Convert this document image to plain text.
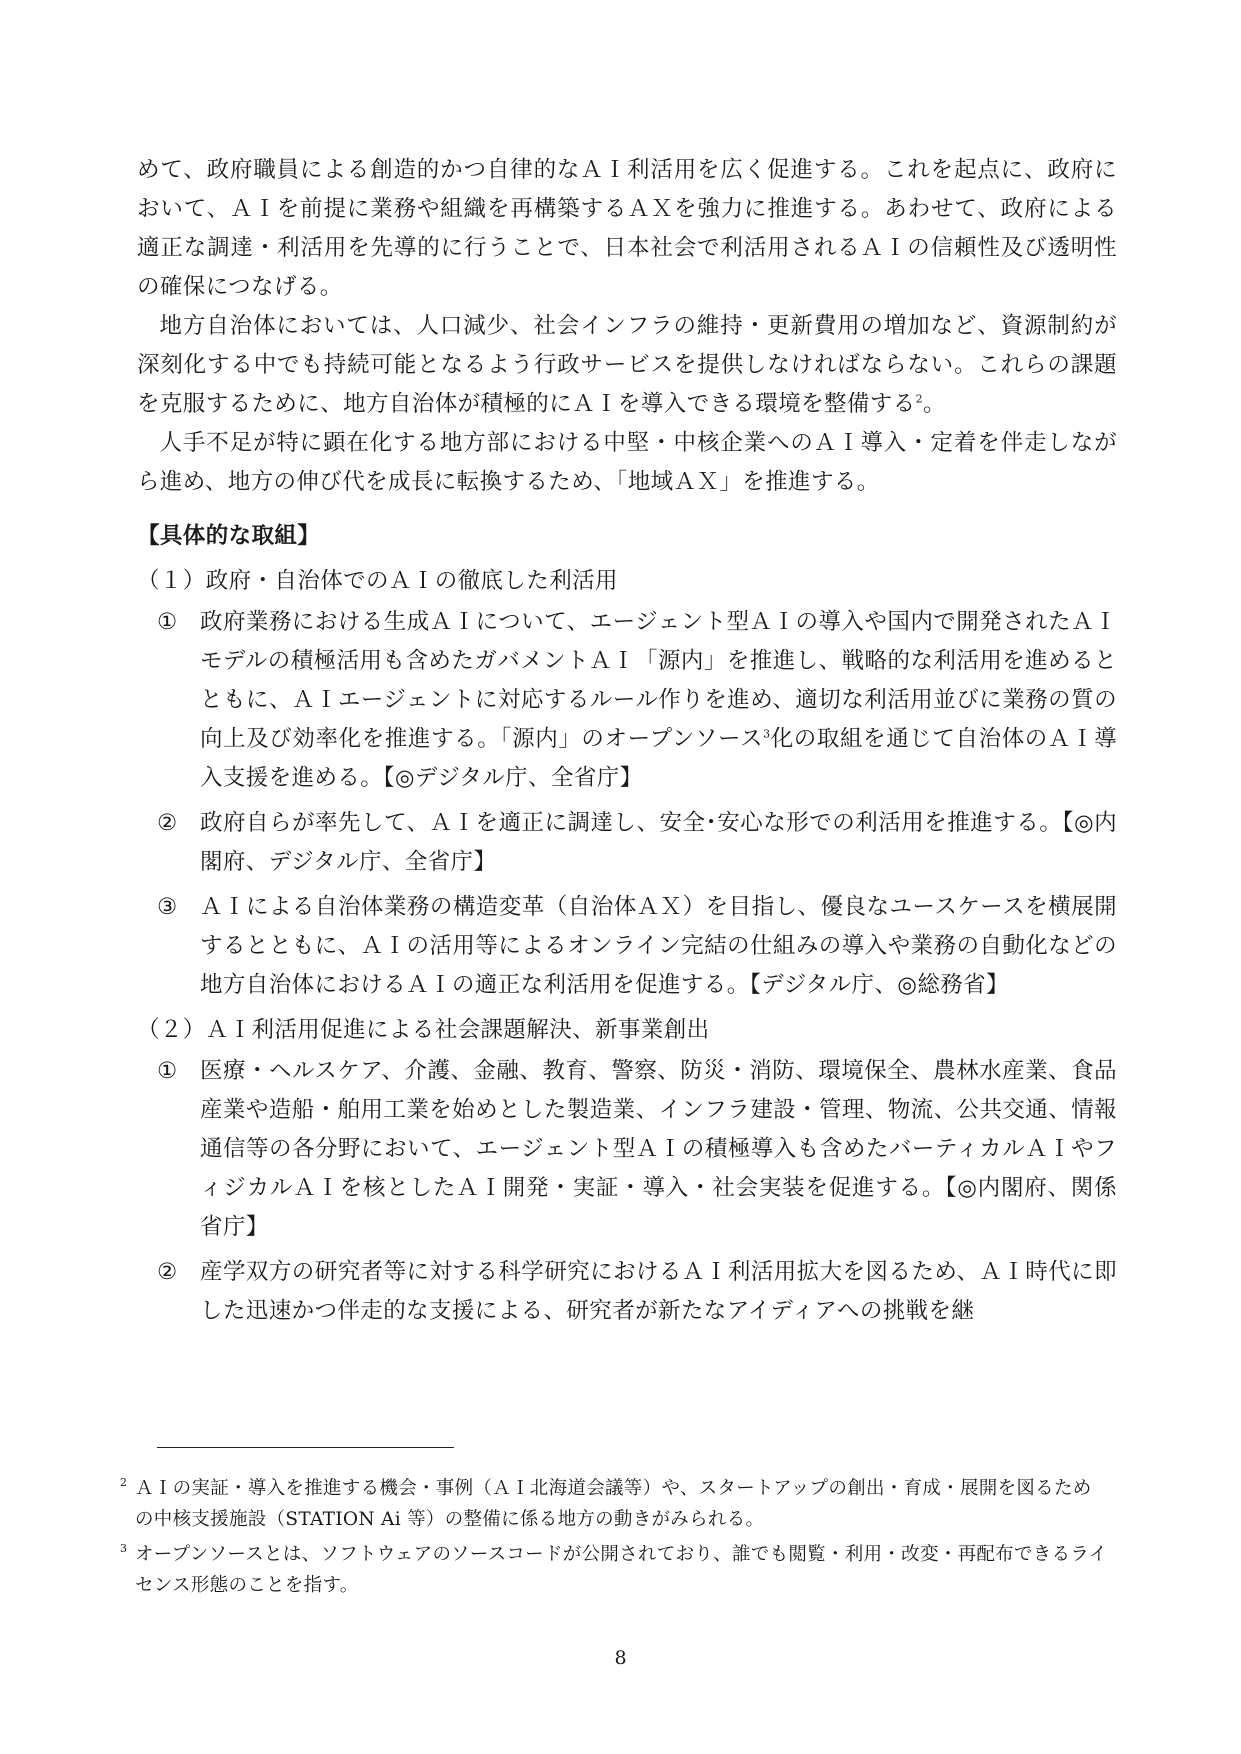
めて、政府職員による創造的かつ自律的なＡＩ利活用を広く促進する。これを起点に、政府において、ＡＩを前提に業務や組織を再構築するＡＸを強力に推進する。あわせて、政府による適正な調達・利活用を先導的に行うことで、日本社会で利活用されるＡＩの信頼性及び透明性の確保につなげる。

地方自治体においては、人口減少、社会インフラの維持・更新費用の増加など、資源制約が深刻化する中でも持続可能となるよう行政サービスを提供しなければならない。これらの課題を克服するために、地方自治体が積極的にＡＩを導入できる環境を整備する$^2$。

人手不足が特に顕在化する地方部における中堅・中核企業へのＡＩ導入・定着を伴走しながら進め、地方の伸び代を成長に転換するため、「地域ＡＸ」を推進する。

【具体的な取組】
（１）政府・自治体でのＡＩの徹底した利活用
① 政府業務における生成ＡＩについて、エージェント型ＡＩの導入や国内で開発されたＡＩモデルの積極活用も含めたガバメントＡＩ「源内」を推進し、戦略的な利活用を進めるとともに、ＡＩエージェントに対応するルール作りを進め、適切な利活用並びに業務の質の向上及び効率化を推進する。「源内」のオープンソース$^3$化の取組を通じて自治体のＡＩ導入支援を進める。【◎デジタル庁、全省庁】
② 政府自らが率先して、ＡＩを適正に調達し、安全･安心な形での利活用を推進する。【◎内閣府、デジタル庁、全省庁】
③ ＡＩによる自治体業務の構造変革（自治体ＡＸ）を目指し、優良なユースケースを横展開するとともに、ＡＩの活用等によるオンライン完結の仕組みの導入や業務の自動化などの地方自治体におけるＡＩの適正な利活用を促進する。【デジタル庁、◎総務省】
（２）ＡＩ利活用促進による社会課題解決、新事業創出
① 医療・ヘルスケア、介護、金融、教育、警察、防災・消防、環境保全、農林水産業、食品産業や造船・舶用工業を始めとした製造業、インフラ建設・管理、物流、公共交通、情報通信等の各分野において、エージェント型ＡＩの積極導入も含めたバーティカルＡＩやフィジカルＡＩを核としたＡＩ開発・実証・導入・社会実装を促進する。【◎内閣府、関係省庁】
② 産学双方の研究者等に対する科学研究におけるＡＩ利活用拡大を図るため、ＡＩ時代に即した迅速かつ伴走的な支援による、研究者が新たなアイディアへの挑戦を継
2 ＡＩの実証・導入を推進する機会・事例（ＡＩ北海道会議等）や、スタートアップの創出・育成・展開を図るための中核支援施設（STATION Ai 等）の整備に係る地方の動きがみられる。
3 オープンソースとは、ソフトウェアのソースコードが公開されており、誰でも閲覧・利用・改変・再配布できるライセンス形態のことを指す。
8
